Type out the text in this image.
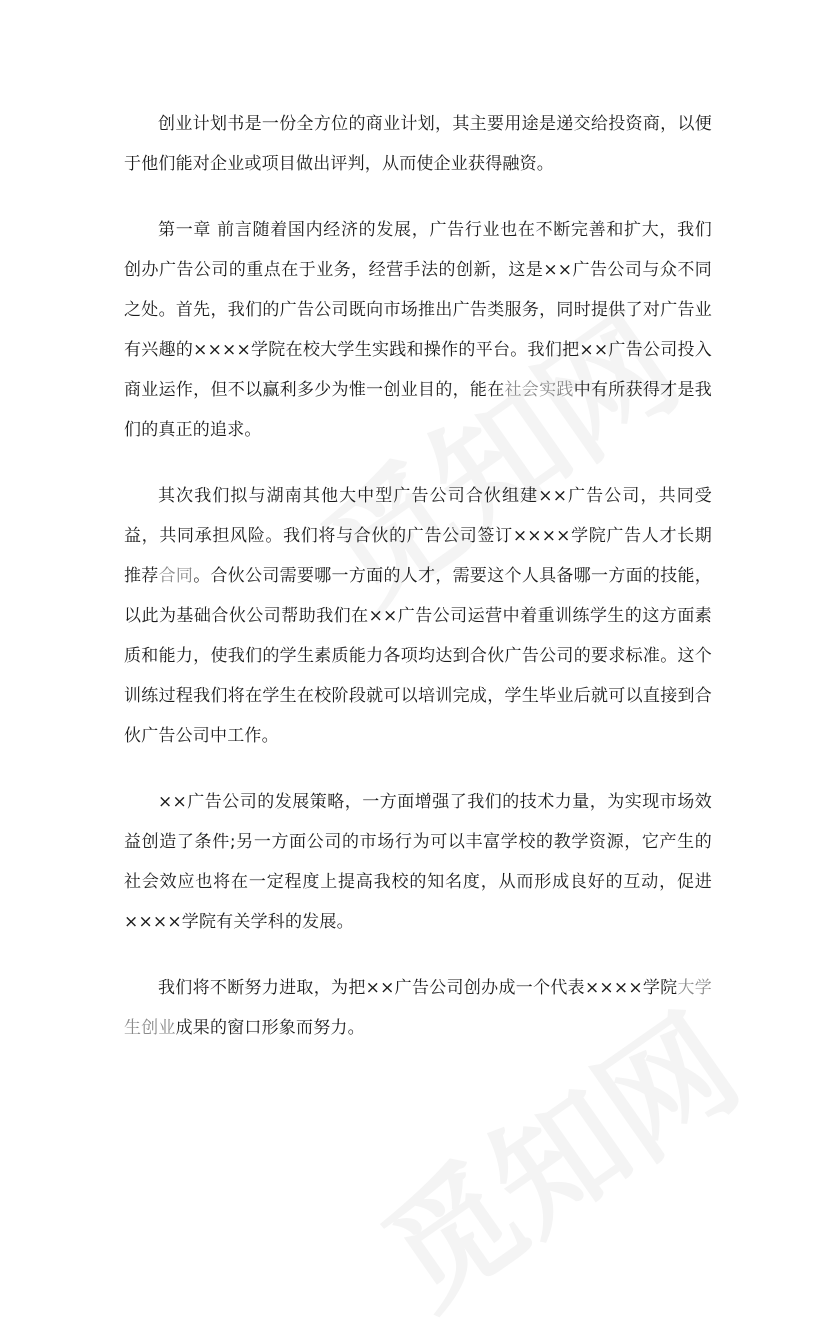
创业计划书是一份全方位的商业计划，其主要用途是递交给投资商，以便于他们能对企业或项目做出评判，从而使企业获得融资。

第一章 前言随着国内经济的发展，广告行业也在不断完善和扩大，我们创办广告公司的重点在于业务，经营手法的创新，这是××广告公司与众不同之处。首先，我们的广告公司既向市场推出广告类服务，同时提供了对广告业有兴趣的××××学院在校大学生实践和操作的平台。我们把××广告公司投入商业运作，但不以赢利多少为惟一创业目的，能在社会实践中有所获得才是我们的真正的追求。

其次我们拟与湖南其他大中型广告公司合伙组建××广告公司，共同受益，共同承担风险。我们将与合伙的广告公司签订××××学院广告人才长期推荐合同。合伙公司需要哪一方面的人才，需要这个人具备哪一方面的技能，以此为基础合伙公司帮助我们在××广告公司运营中着重训练学生的这方面素质和能力，使我们的学生素质能力各项均达到合伙广告公司的要求标准。这个训练过程我们将在学生在校阶段就可以培训完成，学生毕业后就可以直接到合伙广告公司中工作。

××广告公司的发展策略，一方面增强了我们的技术力量，为实现市场效益创造了条件;另一方面公司的市场行为可以丰富学校的教学资源，它产生的社会效应也将在一定程度上提高我校的知名度，从而形成良好的互动，促进××××学院有关学科的发展。

我们将不断努力进取，为把××广告公司创办成一个代表××××学院大学生创业成果的窗口形象而努力。
